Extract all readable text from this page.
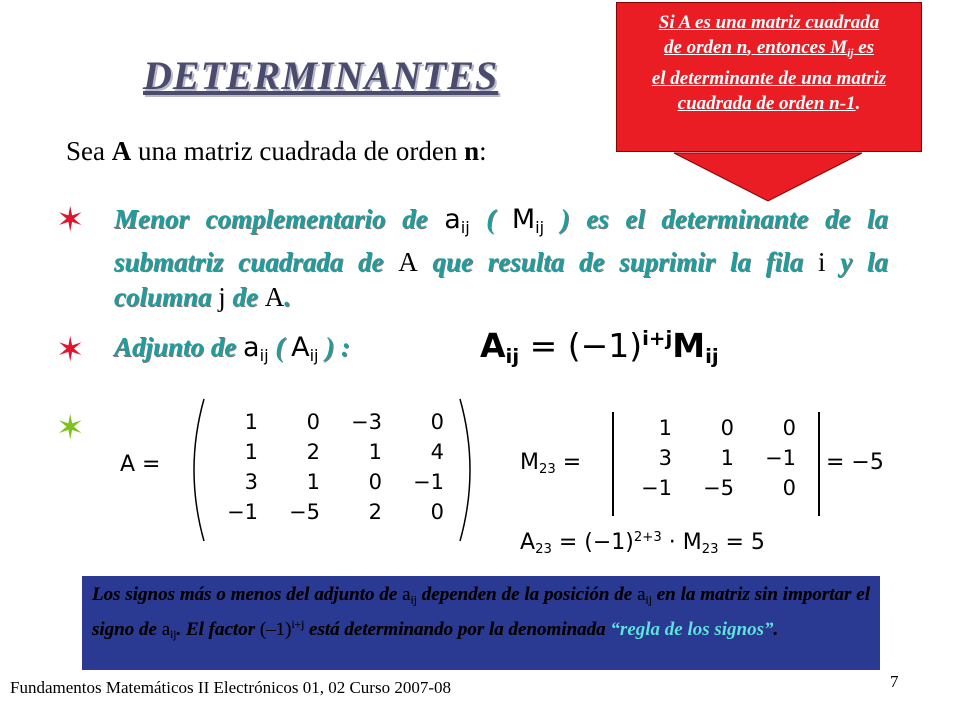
DETERMINANTES
Si A es una matriz cuadrada
de orden n, entonces $M_{ij}$ es
el determinante de una matriz
cuadrada de orden n-1.
Sea A una matriz cuadrada de orden n:
✶
✶
✶
Menor complementario de $a_{ij}$ ( $M_{ij}$ ) es el determinante de la submatriz cuadrada de A que resulta de suprimir la fila i y la columna j de A.
Adjunto de $a_{ij}$ ( $A_{ij}$ ) :	$A_{ij} = (-1)^{i+j}M_{ij}$
A =
1	0	−3	0
1	2	1	4
3	1	0	−1
−1	−5	2	0
$M_{23}$ =
1	0	0
3	1	−1
−1	−5	0
= −5
$A_{23} = (-1)^{2+3} \cdot M_{23} = 5$
Los signos más o menos del adjunto de $a_{ij}$ dependen de la posición de $a_{ij}$ en la matriz sin importar el signo de $a_{ij}$. El factor $(-1)^{i+j}$ está determinando por la denominada “regla de los signos”.
Fundamentos Matemáticos II Electrónicos 01, 02 Curso 2007-08	7
